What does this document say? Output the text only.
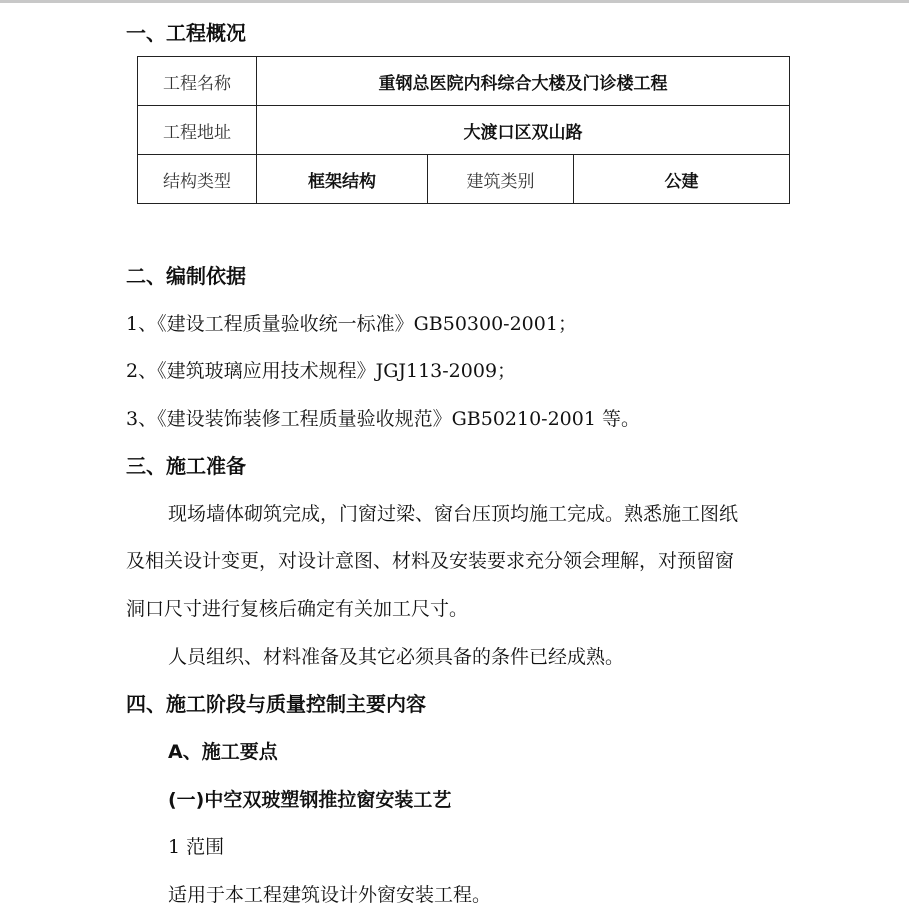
一、工程概况
工程名称	重钢总医院内科综合大楼及门诊楼工程		
工程地址	大渡口区双山路		
结构类型	框架结构	建筑类别	公建
二、编制依据
1、《建设工程质量验收统一标准》GB50300-2001；
2、《建筑玻璃应用技术规程》JGJ113-2009；
3、《建设装饰装修工程质量验收规范》GB50210-2001 等。
三、施工准备
现场墙体砌筑完成，门窗过梁、窗台压顶均施工完成。熟悉施工图纸
及相关设计变更，对设计意图、材料及安装要求充分领会理解，对预留窗
洞口尺寸进行复核后确定有关加工尺寸。
人员组织、材料准备及其它必须具备的条件已经成熟。
四、施工阶段与质量控制主要内容
A、施工要点
(一)中空双玻塑钢推拉窗安装工艺
1 范围
适用于本工程建筑设计外窗安装工程。
